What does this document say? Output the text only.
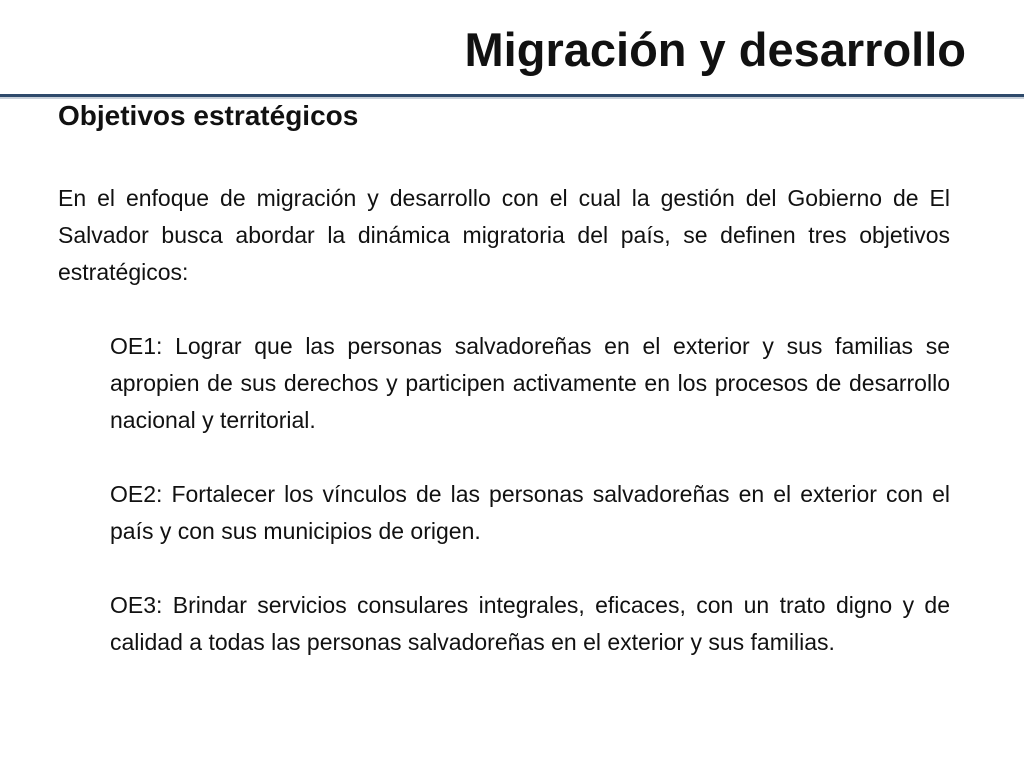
Migración y desarrollo
Objetivos estratégicos

En el enfoque de migración y desarrollo con el cual la gestión del Gobierno de El Salvador busca abordar la dinámica migratoria del país, se definen tres objetivos estratégicos:

OE1: Lograr que las personas salvadoreñas en el exterior y sus familias se apropien de sus derechos y participen activamente en los procesos de desarrollo nacional y territorial.
OE2: Fortalecer los vínculos de las personas salvadoreñas en el exterior con el país y con sus municipios de origen.
OE3: Brindar servicios consulares integrales, eficaces, con un trato digno y de calidad a todas las personas salvadoreñas en el exterior y sus familias.
